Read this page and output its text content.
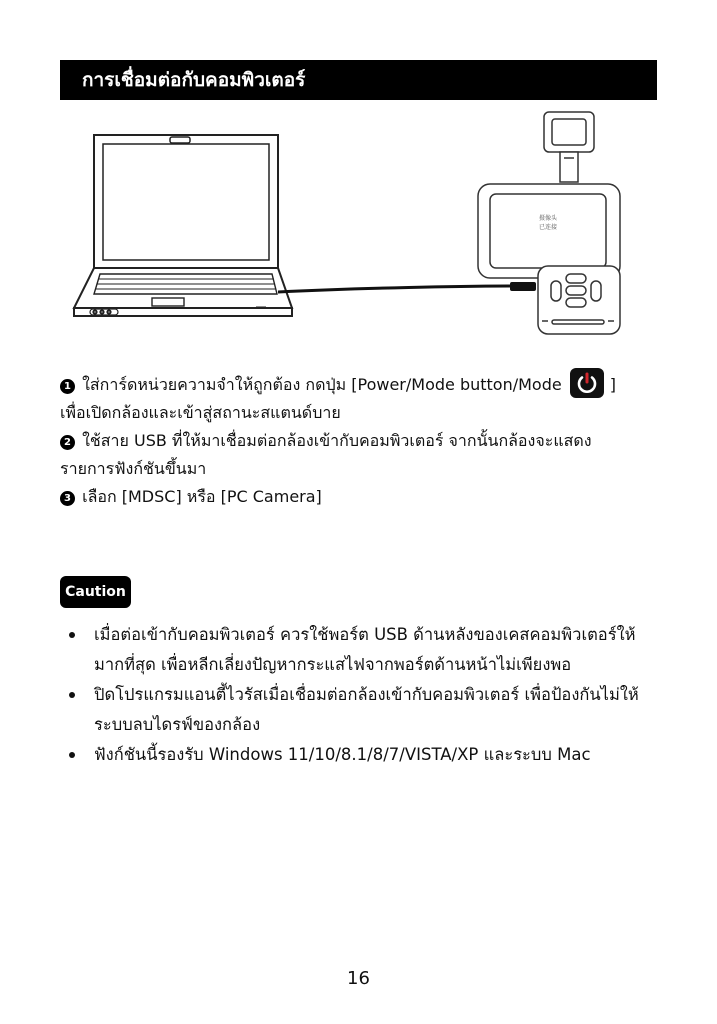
การเชื่อมต่อกับคอมพิวเตอร์
摄像头
已连接
1 ใส่การ์ดหน่วยความจำให้ถูกต้อง กดปุ่ม [Power/Mode button/Mode	]
เพื่อเปิดกล้องและเข้าสู่สถานะสแตนด์บาย
2 ใช้สาย USB ที่ให้มาเชื่อมต่อกล้องเข้ากับคอมพิวเตอร์ จากนั้นกล้องจะแสดง
รายการฟังก์ชันขึ้นมา
3 เลือก [MDSC] หรือ [PC Camera]
Caution
เมื่อต่อเข้ากับคอมพิวเตอร์ ควรใช้พอร์ต USB ด้านหลังของเคสคอมพิวเตอร์ให้มากที่สุด เพื่อหลีกเลี่ยงปัญหากระแสไฟจากพอร์ตด้านหน้าไม่เพียงพอ
ปิดโปรแกรมแอนตี้ไวรัสเมื่อเชื่อมต่อกล้องเข้ากับคอมพิวเตอร์ เพื่อป้องกันไม่ให้ระบบลบไดรฟ์ของกล้อง
ฟังก์ชันนี้รองรับ Windows 11/10/8.1/8/7/VISTA/XP และระบบ Mac
16
